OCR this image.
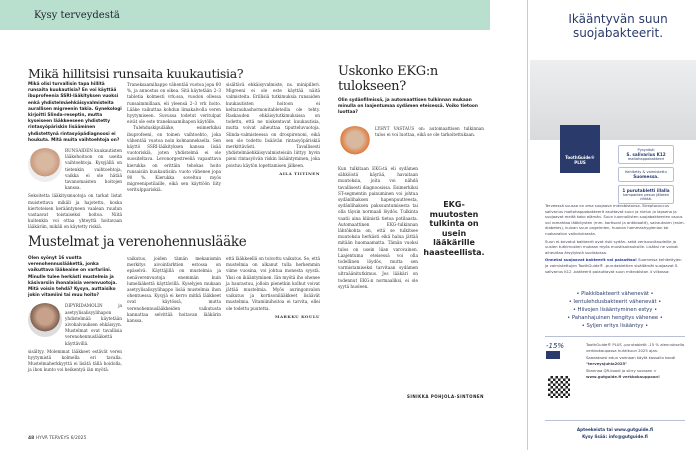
Kysy terveydestä
Mikä hillitsisi runsaita kuukautisia?
Mikä olisi turvallisin tapa hillitä runsaita kuukautisia? En voi käyttää ibuprofeenia SSRI-lääkityksen vuoksi enkä yhdistelmäehkäisyvalmisteita aurallisen migreenin takia. Gynekologi kirjoitti Slinda-reseptin, mutta kyseiseen lääkkeeseen yhdistetty rintasyöpäriskin lisääminen yhdistettynä rintasyöpädiagnoosi ei houkuta. Mitä muita vaihtoehtoja on?
RUNSAIDEN kuukautisten lääkehoitoon on useita vaihtoehtoja. Kysyjällä on tietenkin vaihtoehtoja, vaikka ei ole hätää tavanomaisten hoitojen kanssa.
Sekoitetta lääkitysmuotoja on tarkat listat muistettava mikäli ja hajotettu, koska kiertoteisen kerääntyneen vaalean ruudun vastaavat toistaiseksi hoitoa. Niitä kuitenkin voi ottaa yhteyttä hoitavaan lääkäriin, mikäli on käytetty riskiä.

Traneksaamihappo vähentää vuotoa jopa 60 %, ja annostus on oikea. Sitä käytetään 2–3 tabletia kolmesti vrk:ssa, vuodon ollessa runsaimmillaan, eli yleensä 2–3 vrk hoito. Lääke vaikuttaa kohdun limakalvolla veren hyytymiseen. Suvussa todetut veritulpat eivät ole este traneksaamihapon käytölle.

Tulehduskipulääke, esimerkiksi ibuprofeeni, on toinen vaihtoehto, joka vähentää vuotoa noin kolmanneksella. Sen käyttö SSRI-lääkityksen kanssa lisää vuotoriskiä, joten yhdistelmä ei ole suositeltava. Levonorgestreeliä vapauttava kierukka on erittäin tehokas hoito runsaisiin kuukautisiin: vuoto vähenee jopa 90 %. Kierukka soveltuu myös migreenipotilaille, eikä sen käyttöön liity veritulppariskiä.

sisältävä ehkäisyvalmiste, ns. minipilleri. Migreeni ei ole este käyttää näitä valmisteita. Erillisiä tutkimuksia runsaiden kuukautisten hoitoon ei keltarauhashormonitableteilla ole tehty. Raskauden ehkäisytutkimuksissa on todettu, että ne niukentavat kuukautisia, mutta voivat aiheuttaa tiputteluvuotoja. Slinda-valmisteessa on drospirenoni, eikä sen ole todettu lisäävän rintasyöpäriskiä merkittävästi. Tavallisesti yhdistelmäehkäisyvalmisteisiin liittyy hyvin pieni rintasyövän riskin lisääntyminen, joka poistuu käytön lopettamisen jälkeen.

AILA TIITINEN
Mustelmat ja verenohennuslääke
Olen syönyt 16 vuotta verenohennuslääkettä, jonka vaikuttava lääkeaine on varfariini. Minulle tulee herkästi mustelmia ja käsivarsiin ihonalaisia verenvuotoja. Mitä voisin tehdä? Kysyn, auttaisiko jokin vitamiini tai muu hoito?
DIPYRIDAMOLIN ja asetyylisalisyylihapon yhdistelmää käytetään aivohalvauksen ehkäisyyn. Mustelmat ovat tavallisia verenohennuslääkettä käyttävillä.
sisältyy. Molemmat lääkkeet estävät veren hyytymistä kolmella eri tavalla. Mustelmaherkkyyttä ei lisätä tällä hoidolla, ja ihon kunto voi heikentyä iän myötä.

vaikutus, joiden tämän mekanismin merkitys aivoinfarktien estossa on epäselvä. Käyttäjillä on mustelmia ja nenäverenvuotoja enemmän kuin lumelääkettä käyttävillä. Kyselyjen mukaan asetyylisalisyylihappo lisää mustelmia ihon ohentuessa. Kysyjä ei kerro mitkä lääkkeet ovat käytössä, mutta verenohennuslääkkeiden vaikutusta kannattaa selvittää hoitavan lääkärin kanssa.

että lääkkeellä on toivottu vaikutus. Se, että mustelmia on alkanut tulla herkemmin viime vuosina, voi johtua monesta syystä. Yksi on ikääntyminen. Iän myötä iho ohenee ja haurastuu, jolloin pienetkin kolhut voivat jättää mustelmia. Myös auringonvalon vaikutus ja kortisonilääkkeet lisäävät mustelmia. Vitamiinihoitoa ei tarvita, ellei ole todettu puutetta.

MARKKU KOULU
Uskonko EKG:n tulokseen?
Olin sydänfilmissä, ja automaattisen tulkinnan mukaan minulla on laajentumaa sydämen eteisessä. Voiko tietoon luottaa?
LYHYT VASTAUS on: automaattisen tulkinnan tulos ei voi luottaa, eikä se ole tarkoitettukaan.
Kun tulkitaan EKG:tä eli sydämen sähköistä käyrää, havaitaan muutoksia, joita voi nähdä tavallisesti diagnoosissa. Esimerkiksi ST-segmentin painuminen voi johtua sydänlihaksen hapenpuutteesta, sydänlihaksen paksuuntumisesta tai olla täysin normaali löydös. Tulkinta vaatii aina kliinistä tietoa potilaasta. Automaattinen EKG-tulkinnan lähtökohta on, että se tulkitsee muutoksia herkästi eikä halua jättää mitään huomaamatta. Tämän vuoksi tulos on usein liian varovainen. Laajentuma eteisessä voi olla todellinen löydös, mutta sen varmistamiseksi tarvitaan sydämen ultraäänitutkimus. Jos lääkäri on todennut EKG:n normaaliksi, ei ole syytä huoleen.
EKG-muutosten tulkinta on usein lääkärille haasteellista.
SINIKKA POHJOLA-SINTONEN
48 HYVÄ TERVEYS 6/2025
Ikääntyvän suun suojabakteerit.
ToothGuide® PLUS
Pysyvästi
S. salivarius K12
maitohappobakteeri
Kehitetty & valmistettu
Suomessa.
1 purutabletti illalla
hampaiden pesun jälkeen riittää.

Terveessä suussa on oma suojaava mikrobistonsa. Streptococcus salivarius maitohappobakteerit asuttavat suun ja nielun jo lapsena ja suojaavat meitä koko elämän. Suun luonnollisten suojabakteerien osuus voi romahtaa lääkitysten (mm. kortisoni ja antibiootit), sairauksien (esim. diabetes), kuivan suun ongelmien, huonon hammashygienian tai ruokavalion vaikutuksesta.

Suun ei-toivotut bakteerit ovat riski sydän- sekä verisuonitaudeille ja uusien tutkimusten mukaan myös muistisairauksille. Lisäksi ne voivat aiheuttaa ärsytyksiä suolistossa.

Onneksi suojaavat bakteerit voi palauttaa! Suomessa kehitettyjen ja valmistettujen ToothGuide® -purutablettien sisältämät suojaavat S. salivarius K12 -bakteerit palauttavat suun mikrobiston 4 viikossa:

• Plakkibakteerit vähenevät •
• Ientulehdusbakteerit vähenevät •
• Hiivojen lisääntyminen estyy •
• Pahanhajuinen hengitys vähenee •
• Syljen eritys lisääntyy •
-15%	ToothGuide® PLUS -purutabletit -15 % alennuksella verkkokaupassa huhtikuun 2025 ajan.

Saadaksesi edun voimaan käytä kassalla koodi "terveysjuhla2025"

Skannaa QR-koodi ja siirry suoraan > www.gutguide.fi verkkokauppaan!

Apteekeista tai www.gutguide.fi
Kysy lisää: info@gutguide.fi
